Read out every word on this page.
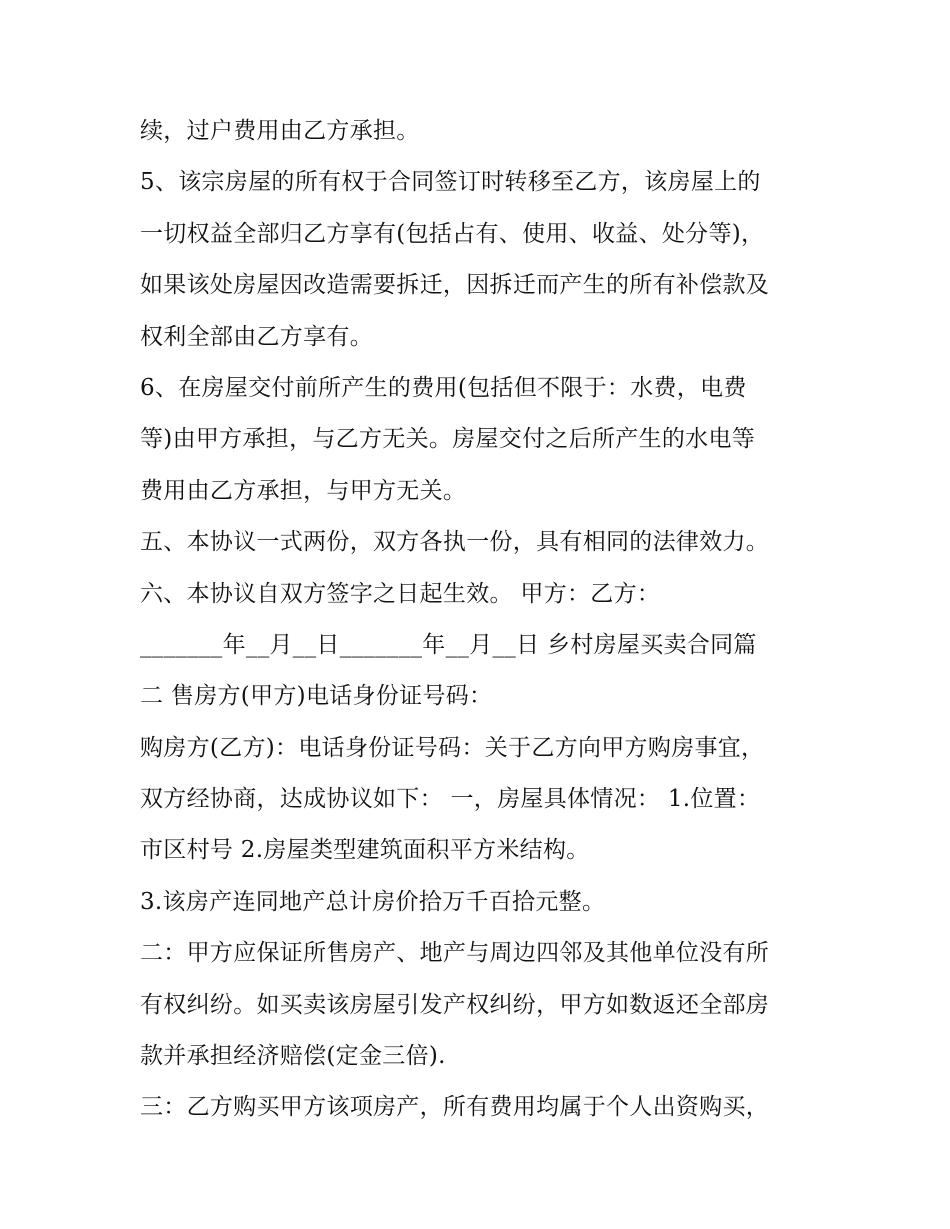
续，过户费用由乙方承担。
5、该宗房屋的所有权于合同签订时转移至乙方，该房屋上的
一切权益全部归乙方享有(包括占有、使用、收益、处分等)，
如果该处房屋因改造需要拆迁，因拆迁而产生的所有补偿款及
权利全部由乙方享有。
6、在房屋交付前所产生的费用(包括但不限于：水费，电费
等)由甲方承担，与乙方无关。房屋交付之后所产生的水电等
费用由乙方承担，与甲方无关。
五、本协议一式两份，双方各执一份，具有相同的法律效力。
六、本协议自双方签字之日起生效。 甲方：乙方：
_______年__月__日_______年__月__日 乡村房屋买卖合同篇
二 售房方(甲方)电话身份证号码：
购房方(乙方)：电话身份证号码：关于乙方向甲方购房事宜，
双方经协商，达成协议如下： 一，房屋具体情况： 1.位置：
市区村号 2.房屋类型建筑面积平方米结构。
3.该房产连同地产总计房价拾万千百拾元整。
二：甲方应保证所售房产、地产与周边四邻及其他单位没有所
有权纠纷。如买卖该房屋引发产权纠纷，甲方如数返还全部房
款并承担经济赔偿(定金三倍).
三：乙方购买甲方该项房产，所有费用均属于个人出资购买，
